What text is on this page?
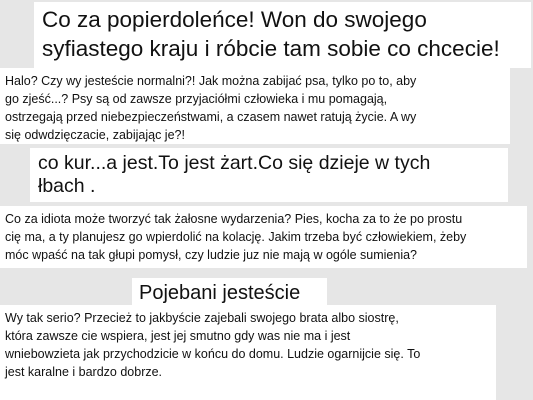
Co za popierdoleńce! Won do swojego
syfiastego kraju i róbcie tam sobie co chcecie!
Halo? Czy wy jesteście normalni?! Jak można zabijać psa, tylko po to, aby
go zjeść...? Psy są od zawsze przyjaciółmi człowieka i mu pomagają,
ostrzegają przed niebezpieczeństwami, a czasem nawet ratują życie. A wy
się odwdzięczacie, zabijając je?!
co kur...a jest.To jest żart.Co się dzieje w tych
łbach .
Co za idiota może tworzyć tak żałosne wydarzenia? Pies, kocha za to że po prostu
cię ma, a ty planujesz go wpierdolić na kolację. Jakim trzeba być człowiekiem, żeby
móc wpaść na tak głupi pomysł, czy ludzie juz nie mają w ogóle sumienia?
Pojebani jesteście
Wy tak serio? Przecież to jakbyście zajebali swojego brata albo siostrę,
która zawsze cie wspiera, jest jej smutno gdy was nie ma i jest
wniebowzieta jak przychodzicie w końcu do domu. Ludzie ogarnijcie się. To
jest karalne i bardzo dobrze.
